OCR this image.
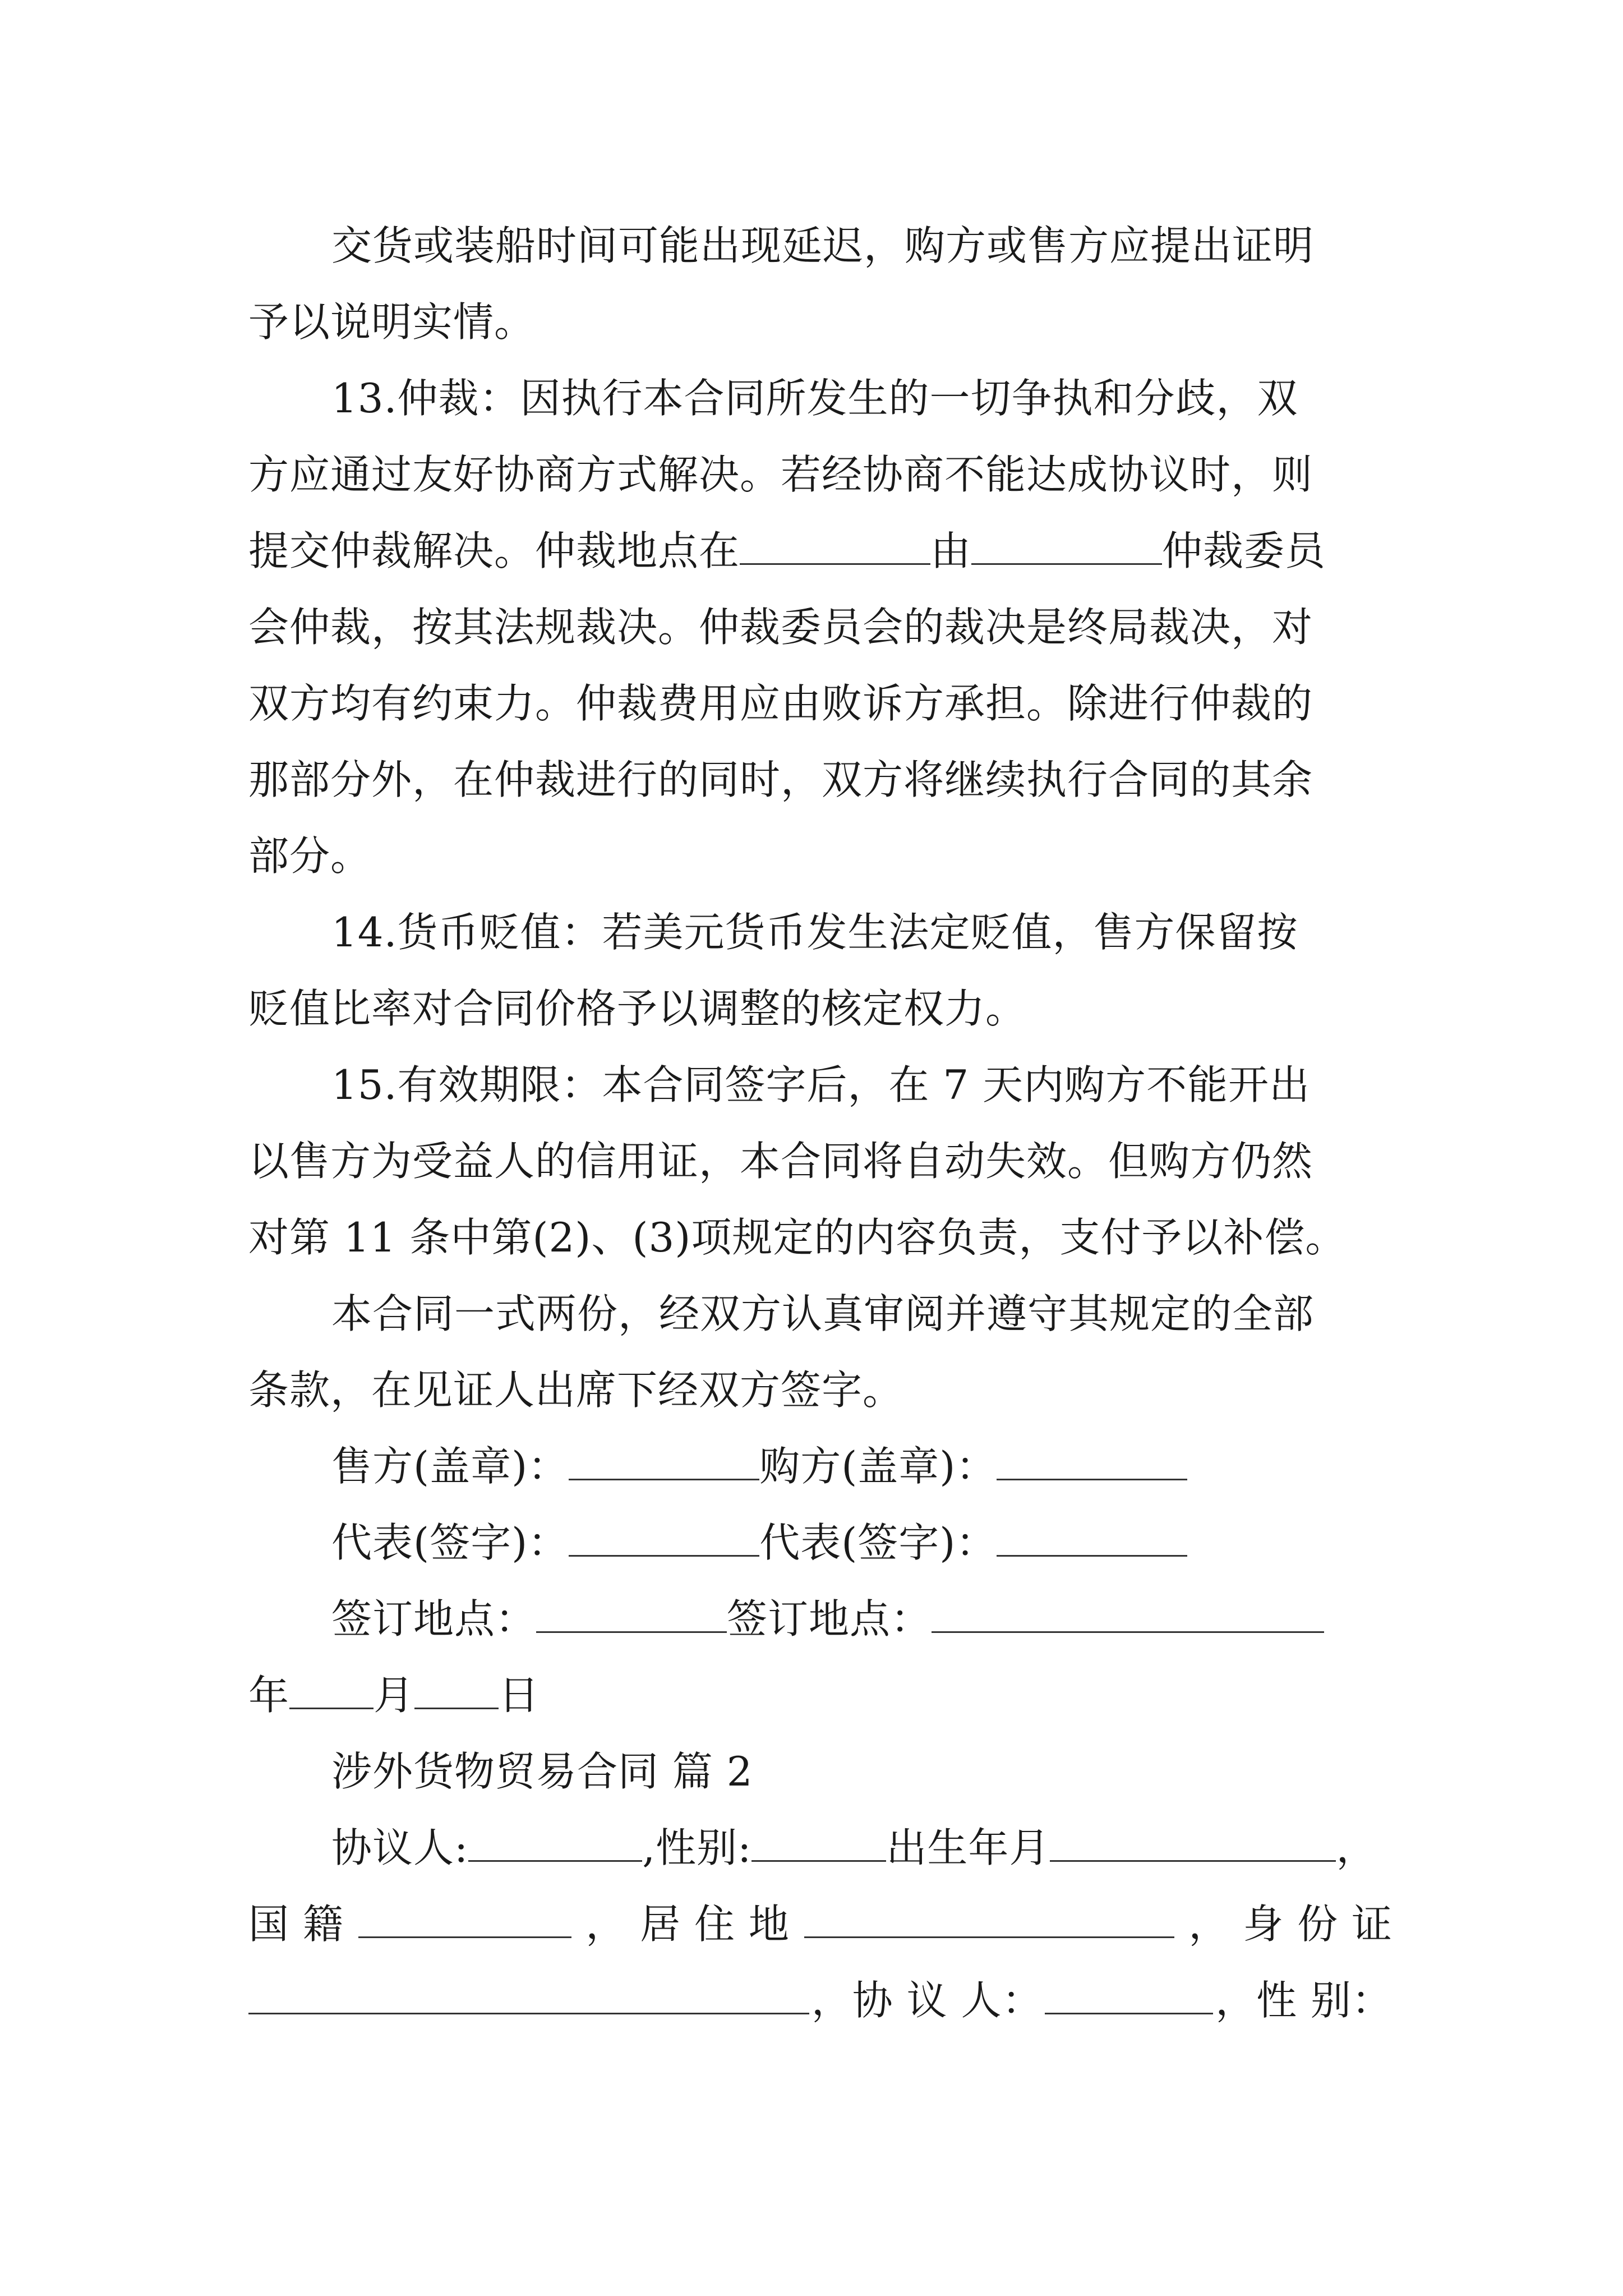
交货或装船时间可能出现延迟，购方或售方应提出证明
予以说明实情。
13.仲裁：因执行本合同所发生的一切争执和分歧，双
方应通过友好协商方式解决。若经协商不能达成协议时，则
提交仲裁解决。仲裁地点在	由	仲裁委员
会仲裁，按其法规裁决。仲裁委员会的裁决是终局裁决，对
双方均有约束力。仲裁费用应由败诉方承担。除进行仲裁的
那部分外，在仲裁进行的同时，双方将继续执行合同的其余
部分。
14.货币贬值：若美元货币发生法定贬值，售方保留按
贬值比率对合同价格予以调整的核定权力。
15.有效期限：本合同签字后，在 7 天内购方不能开出
以售方为受益人的信用证，本合同将自动失效。但购方仍然
对第 11 条中第(2)、(3)项规定的内容负责，支付予以补偿。
本合同一式两份，经双方认真审阅并遵守其规定的全部
条款，在见证人出席下经双方签字。
售方(盖章)：	购方(盖章)：
代表(签字)：	代表(签字)：
签订地点：	签订地点：
年 月 日
涉外货物贸易合同 篇 2
协议人:	,性别:	出生年月	，
国 籍	， 居 住 地	， 身 份 证
，协 议 人：	，性 别：
